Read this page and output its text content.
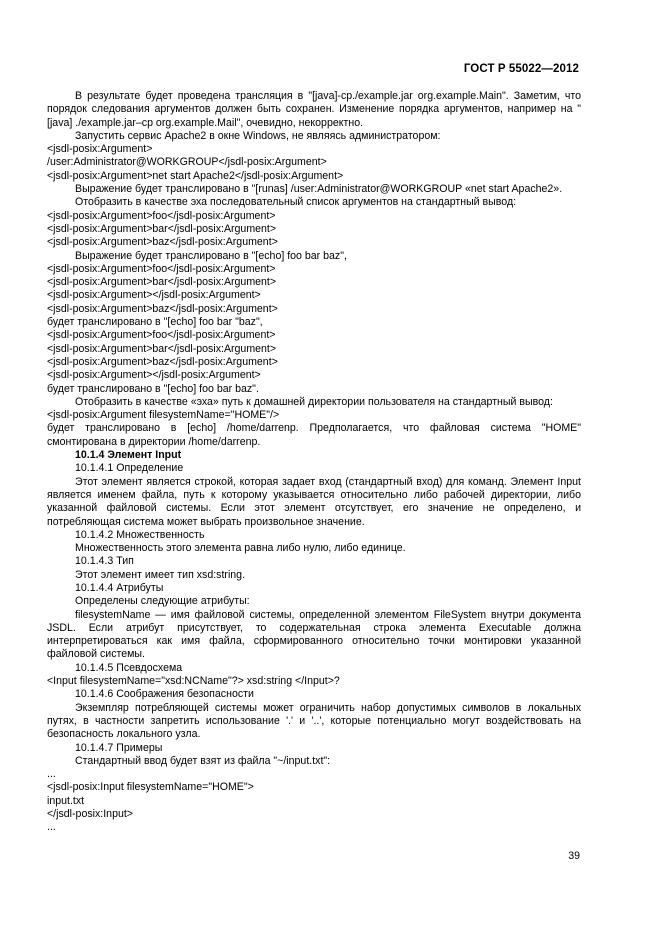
ГОСТ Р 55022—2012

В результате будет проведена трансляция в "[java]-cp./example.jar org.example.Main". Заметим, что порядок следования аргументов должен быть сохранен. Изменение порядка аргументов, например на "[java] ./example.jar–cp org.example.Mail", очевидно, некорректно.

Запустить сервис Apache2 в окне Windows, не являясь администратором:

<jsdl-posix:Argument>

/user:Administrator@WORKGROUP</jsdl-posix:Argument>

<jsdl-posix:Argument>net start Apache2</jsdl-posix:Argument>

Выражение будет транслировано в "[runas] /user:Administrator@WORKGROUP «net start Apache2».

Отобразить в качестве эха последовательный список аргументов на стандартный вывод:

<jsdl-posix:Argument>foo</jsdl-posix:Argument>

<jsdl-posix:Argument>bar</jsdl-posix:Argument>

<jsdl-posix:Argument>baz</jsdl-posix:Argument>

Выражение будет транслировано в "[echo] foo bar baz",

<jsdl-posix:Argument>foo</jsdl-posix:Argument>

<jsdl-posix:Argument>bar</jsdl-posix:Argument>

<jsdl-posix:Argument></jsdl-posix:Argument>

<jsdl-posix:Argument>baz</jsdl-posix:Argument>

будет транслировано в "[echo] foo bar "baz",

<jsdl-posix:Argument>foo</jsdl-posix:Argument>

<jsdl-posix:Argument>bar</jsdl-posix:Argument>

<jsdl-posix:Argument>baz</jsdl-posix:Argument>

<jsdl-posix:Argument></jsdl-posix:Argument>

будет транслировано в "[echo] foo bar baz".

Отобразить в качестве «эха» путь к домашней директории пользователя на стандартный вывод:

<jsdl-posix:Argument filesystemName="HOME"/>

будет транслировано в [echo] /home/darrenp. Предполагается, что файловая система "HOME" смонтирована в директории /home/darrenp.

10.1.4 Элемент Input

10.1.4.1 Определение

Этот элемент является строкой, которая задает вход (стандартный вход) для команд. Элемент Input является именем файла, путь к которому указывается относительно либо рабочей директории, либо указанной файловой системы. Если этот элемент отсутствует, его значение не определено, и потребляющая система может выбрать произвольное значение.

10.1.4.2 Множественность

Множественность этого элемента равна либо нулю, либо единице.

10.1.4.3 Тип

Этот элемент имеет тип xsd:string.

10.1.4.4 Атрибуты

Определены следующие атрибуты:

filesystemName — имя файловой системы, определенной элементом FileSystem внутри документа JSDL. Если атрибут присутствует, то содержательная строка элемента Executable должна интерпретироваться как имя файла, сформированного относительно точки монтировки указанной файловой системы.

10.1.4.5 Псевдосхема

<Input filesystemName="xsd:NCName"?> xsd:string </Input>?

10.1.4.6 Соображения безопасности

Экземпляр потребляющей системы может ограничить набор допустимых символов в локальных путях, в частности запретить использование '.' и '..', которые потенциально могут воздействовать на безопасность локального узла.

10.1.4.7 Примеры

Стандартный ввод будет взят из файла "~/input.txt":

...

<jsdl-posix:Input filesystemName="HOME">

input.txt

</jsdl-posix:Input>

...

39
